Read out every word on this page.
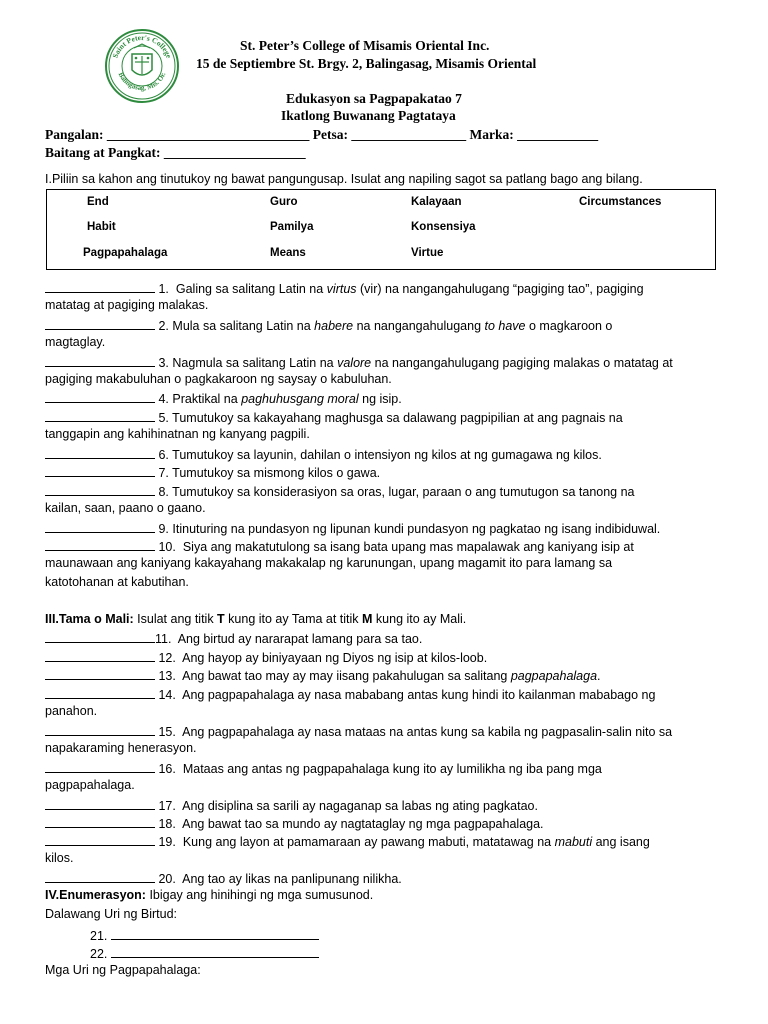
Saint Peter's College
Balingasag, Mis. Or.
St. Peter’s College of Misamis Oriental Inc.
15 de Septiembre St. Brgy. 2, Balingasag, Misamis Oriental
Edukasyon sa Pagpapakatao 7
Ikatlong Buwanang Pagtataya
Pangalan: ______________________________ Petsa: _________________ Marka: ____________
Baitang at Pangkat: _____________________
I.Piliin sa kahon ang tinutukoy ng bawat pangungusap. Isulat ang napiling sagot sa patlang bago ang bilang.
End	Guro	Kalayaan	Circumstances
Habit	Pamilya	Konsensiya
Pagpapahalaga	Means	Virtue
1. Galing sa salitang Latin na virtus (vir) na nangangahulugang “pagiging tao”, pagiging
matatag at pagiging malakas.
2. Mula sa salitang Latin na habere na nangangahulugang to have o magkaroon o
magtaglay.
3. Nagmula sa salitang Latin na valore na nangangahulugang pagiging malakas o matatag at
pagiging makabuluhan o pagkakaroon ng saysay o kabuluhan.
4. Praktikal na paghuhusgang moral ng isip.
5. Tumutukoy sa kakayahang maghusga sa dalawang pagpipilian at ang pagnais na
tanggapin ang kahihinatnan ng kanyang pagpili.
6. Tumutukoy sa layunin, dahilan o intensiyon ng kilos at ng gumagawa ng kilos.
7. Tumutukoy sa mismong kilos o gawa.
8. Tumutukoy sa konsiderasiyon sa oras, lugar, paraan o ang tumutugon sa tanong na
kailan, saan, paano o gaano.
9. Itinuturing na pundasyon ng lipunan kundi pundasyon ng pagkatao ng isang indibiduwal.
10. Siya ang makatutulong sa isang bata upang mas mapalawak ang kaniyang isip at
maunawaan ang kaniyang kakayahang makakalap ng karunungan, upang magamit ito para lamang sa
katotohanan at kabutihan.
III.Tama o Mali: Isulat ang titik T kung ito ay Tama at titik M kung ito ay Mali.
11. Ang birtud ay nararapat lamang para sa tao.
12. Ang hayop ay biniyayaan ng Diyos ng isip at kilos-loob.
13. Ang bawat tao may ay may iisang pakahulugan sa salitang pagpapahalaga.
14. Ang pagpapahalaga ay nasa mababang antas kung hindi ito kailanman mababago ng
panahon.
15. Ang pagpapahalaga ay nasa mataas na antas kung sa kabila ng pagpasalin-salin nito sa
napakaraming henerasyon.
16. Mataas ang antas ng pagpapahalaga kung ito ay lumilikha ng iba pang mga
pagpapahalaga.
17. Ang disiplina sa sarili ay nagaganap sa labas ng ating pagkatao.
18. Ang bawat tao sa mundo ay nagtataglay ng mga pagpapahalaga.
19. Kung ang layon at pamamaraan ay pawang mabuti, matatawag na mabuti ang isang
kilos.
20. Ang tao ay likas na panlipunang nilikha.
IV.Enumerasyon: Ibigay ang hinihingi ng mga sumusunod.
Dalawang Uri ng Birtud:
21.
22.
Mga Uri ng Pagpapahalaga:
